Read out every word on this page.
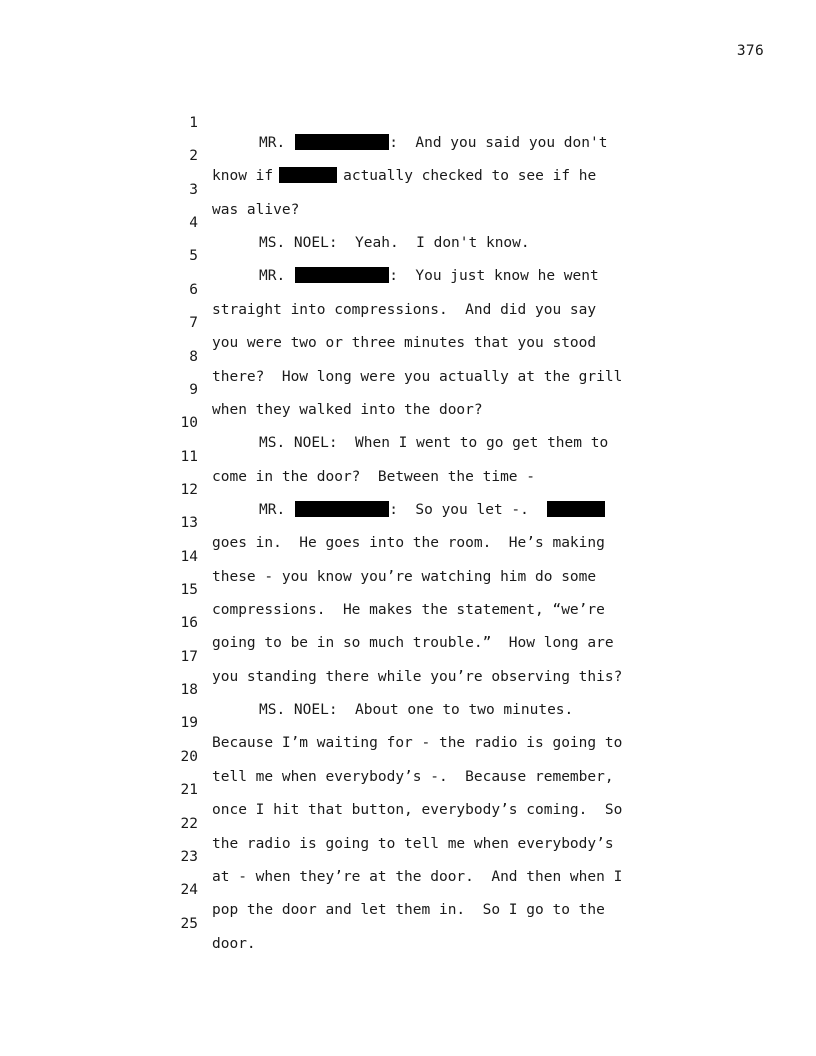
376

1

MR.	:  And you said you don't

2

know if	actually checked to see if he

3

was alive?

4

MS. NOEL:  Yeah.  I don't know.

5

MR.	:  You just know he went

6

straight into compressions.  And did you say

7

you were two or three minutes that you stood

8

there?  How long were you actually at the grill

9

when they walked into the door?

10

MS. NOEL:  When I went to go get them to

11

come in the door?  Between the time -

12

MR.	:  So you let -.

13

goes in.  He goes into the room.  He’s making

14

these - you know you’re watching him do some

15

compressions.  He makes the statement, “we’re

16

going to be in so much trouble.”  How long are

17

you standing there while you’re observing this?

18

MS. NOEL:  About one to two minutes.

19

Because I’m waiting for - the radio is going to

20

tell me when everybody’s -.  Because remember,

21

once I hit that button, everybody’s coming.  So

22

the radio is going to tell me when everybody’s

23

at - when they’re at the door.  And then when I

24

pop the door and let them in.  So I go to the

25

door.
